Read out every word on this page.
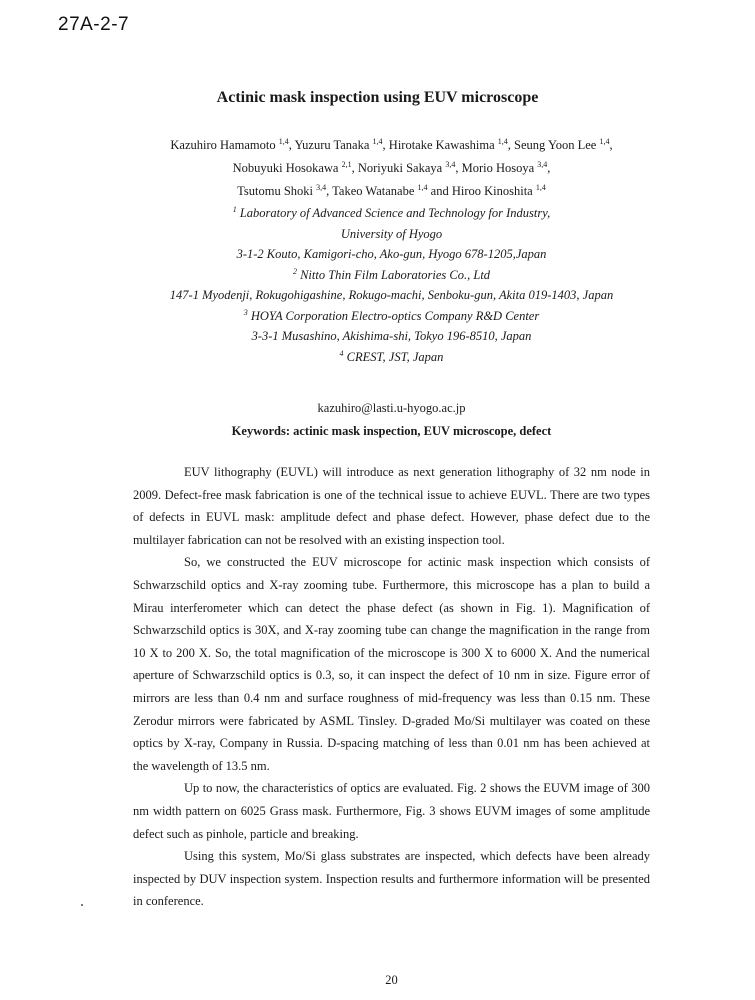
27A-2-7
Actinic mask inspection using EUV microscope
Kazuhiro Hamamoto $^{1,4}$, Yuzuru Tanaka $^{1,4}$, Hirotake Kawashima $^{1,4}$, Seung Yoon Lee $^{1,4}$,
Nobuyuki Hosokawa $^{2,1}$, Noriyuki Sakaya $^{3,4}$, Morio Hosoya $^{3,4}$,
Tsutomu Shoki $^{3,4}$, Takeo Watanabe $^{1,4}$ and Hiroo Kinoshita $^{1,4}$
$^1$ Laboratory of Advanced Science and Technology for Industry,
University of Hyogo
3-1-2 Kouto, Kamigori-cho, Ako-gun, Hyogo 678-1205,Japan
$^2$ Nitto Thin Film Laboratories Co., Ltd
147-1 Myodenji, Rokugohigashine, Rokugo-machi, Senboku-gun, Akita 019-1403, Japan
$^3$ HOYA Corporation Electro-optics Company R&D Center
3-3-1 Musashino, Akishima-shi, Tokyo 196-8510, Japan
$^4$ CREST, JST, Japan
kazuhiro@lasti.u-hyogo.ac.jp
Keywords: actinic mask inspection, EUV microscope, defect

EUV lithography (EUVL) will introduce as next generation lithography of 32 nm node in 2009. Defect-free mask fabrication is one of the technical issue to achieve EUVL. There are two types of defects in EUVL mask: amplitude defect and phase defect. However, phase defect due to the multilayer fabrication can not be resolved with an existing inspection tool.

So, we constructed the EUV microscope for actinic mask inspection which consists of Schwarzschild optics and X-ray zooming tube. Furthermore, this microscope has a plan to build a Mirau interferometer which can detect the phase defect (as shown in Fig. 1). Magnification of Schwarzschild optics is 30X, and X-ray zooming tube can change the magnification in the range from 10 X to 200 X. So, the total magnification of the microscope is 300 X to 6000 X. And the numerical aperture of Schwarzschild optics is 0.3, so, it can inspect the defect of 10 nm in size. Figure error of mirrors are less than 0.4 nm and surface roughness of mid-frequency was less than 0.15 nm. These Zerodur mirrors were fabricated by ASML Tinsley. D-graded Mo/Si multilayer was coated on these optics by X-ray, Company in Russia. D-spacing matching of less than 0.01 nm has been achieved at the wavelength of 13.5 nm.

Up to now, the characteristics of optics are evaluated. Fig. 2 shows the EUVM image of 300 nm width pattern on 6025 Grass mask. Furthermore, Fig. 3 shows EUVM images of some amplitude defect such as pinhole, particle and breaking.

Using this system, Mo/Si glass substrates are inspected, which defects have been already inspected by DUV inspection system. Inspection results and furthermore information will be presented in conference.

20
